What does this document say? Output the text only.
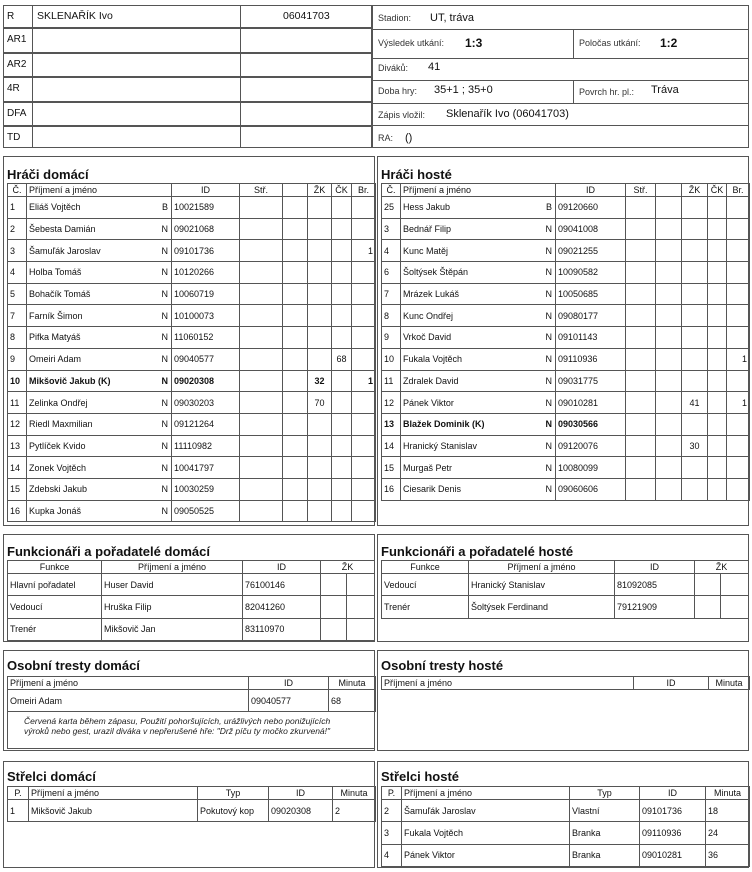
R SKLENAŘÍK Ivo	06041703
AR1
AR2
4R
DFA
TD
Stadion: UT, tráva
Výsledek utkání: 1:3	Poločas utkání: 1:2
Diváků: 41
Doba hry: 35+1 ; 35+0	Povrch hr. pl.: Tráva
Zápis vložil: Sklenařík Ivo (06041703)
RA: ()
Hráči domácí
Č.	Příjmení a jméno	ID	Stř.		ŽK	ČK	Br.
1	Eliáš Vojtěch B	10021589					
2	Šebesta Damián N	09021068					
3	Šamuľák Jaroslav N	09101736					1
4	Holba Tomáš N	10120266					
5	Bohačík Tomáš N	10060719					
7	Farník Šimon N	10100073					
8	Pifka Matyáš N	11060152					
9	Omeiri Adam N	09040577				68	
10	Mikšovič Jakub (K) N	09020308			32		1
11	Zelinka Ondřej N	09030203			70		
12	Riedl Maxmilian N	09121264					
13	Pytlíček Kvido N	11110982					
14	Zonek Vojtěch N	10041797					
15	Zdebski Jakub N	10030259					
16	Kupka Jonáš N	09050525					
Hráči hosté
Č.	Příjmení a jméno	ID	Stř.		ŽK	ČK	Br.
25	Hess Jakub B	09120660					
3	Bednář Filip N	09041008					
4	Kunc Matěj N	09021255					
6	Šoltýsek Štěpán N	10090582					
7	Mrázek Lukáš N	10050685					
8	Kunc Ondřej N	09080177					
9	Vrkoč David N	09101143					
10	Fukala Vojtěch N	09110936					1
11	Zdralek David N	09031775					
12	Pánek Viktor N	09010281			41		1
13	Blažek Dominik (K) N	09030566					
14	Hranický Stanislav N	09120076			30		
15	Murgaš Petr N	10080099					
16	Ciesarik Denis N	09060606					
Funkcionáři a pořadatelé domácí
Funkce	Příjmení a jméno	ID	ŽK	
Hlavní pořadatel	Huser David	76100146		
Vedoucí	Hruška Filip	82041260		
Trenér	Mikšovič Jan	83110970		
Funkcionáři a pořadatelé hosté
Funkce	Příjmení a jméno	ID	ŽK	
Vedoucí	Hranický Stanislav	81092085		
Trenér	Šoltýsek Ferdinand	79121909		
Osobní tresty domácí
Příjmení a jméno	ID	Minuta
Omeiri Adam	09040577	68
Červená karta během zápasu, Použití pohoršujících, urážlivých nebo ponižujících výroků nebo gest, urazil diváka v nepřerušené hře: "Drž píču ty močko zkurvená!"
Osobní tresty hosté
Příjmení a jméno	ID	Minuta
Střelci domácí
P.	Příjmení a jméno	Typ	ID	Minuta
1	Mikšovič Jakub	Pokutový kop	09020308	2
Střelci hosté
P.	Příjmení a jméno	Typ	ID	Minuta
2	Šamuľák Jaroslav	Vlastní	09101736	18
3	Fukala Vojtěch	Branka	09110936	24
4	Pánek Viktor	Branka	09010281	36
